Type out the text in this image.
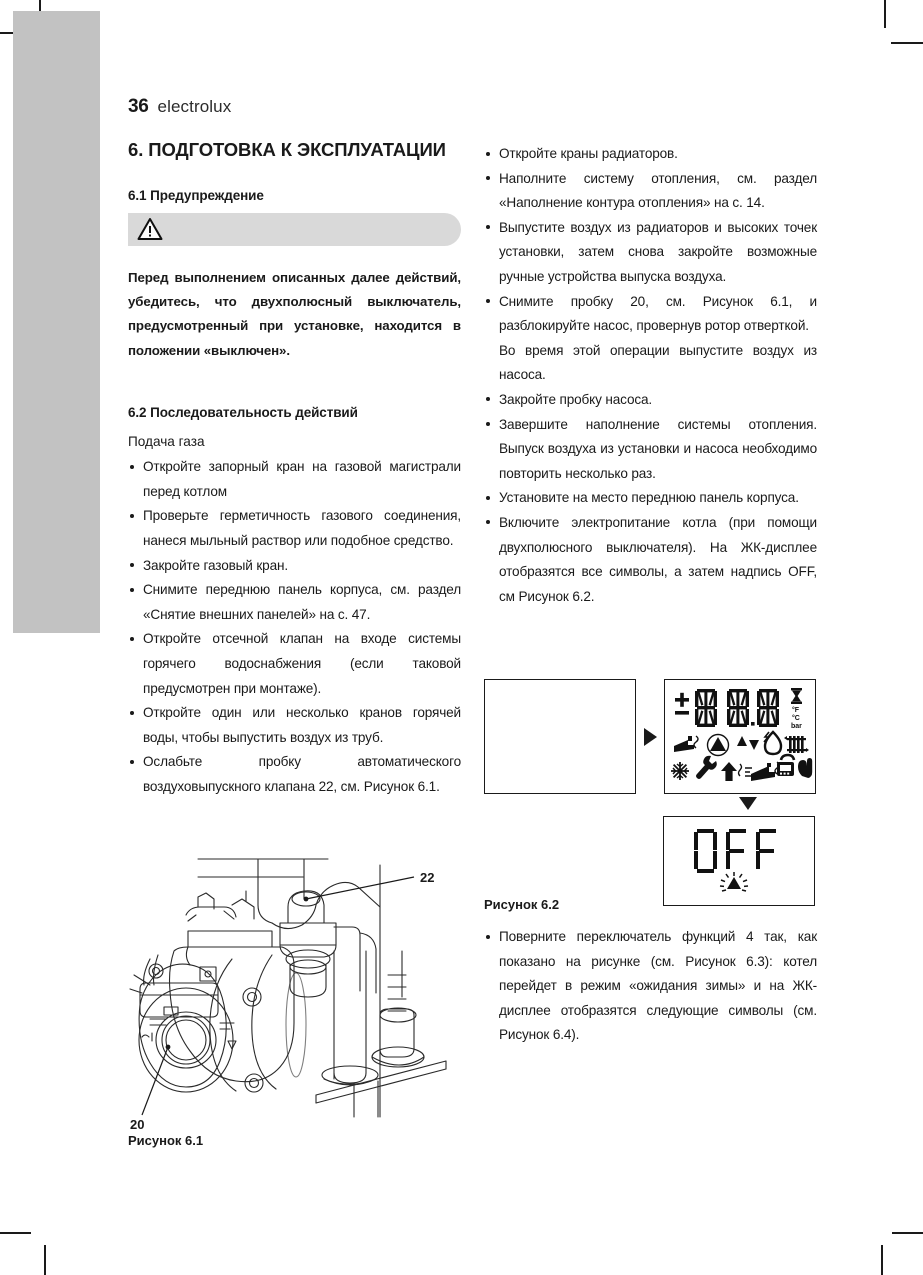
36 electrolux
6. ПОДГОТОВКА К ЭКСПЛУАТАЦИИ
6.1 Предупреждение

Перед выполнением описанных далее действий, убедитесь, что двухполюсный выключатель, предусмотренный при установке, находится в положении «выключен».

6.2 Последовательность действий

Подача газа

Откройте запорный кран на газовой магистрали перед котлом
Проверьте герметичность газового соединения, нанеся мыльный раствор или подобное средство.
Закройте газовый кран.
Снимите переднюю панель корпуса, см. раздел «Снятие внешних панелей» на с. 47.
Откройте отсечной клапан на входе системы горячего водоснабжения (если таковой предусмотрен при монтаже).
Откройте один или несколько кранов горячей воды, чтобы выпустить воздух из труб.
Ослабьте пробку автоматического воздуховыпускного клапана 22, см. Рисунок 6.1.
Откройте краны радиаторов.
Наполните систему отопления, см. раздел «Наполнение контура отопления» на с. 14.
Выпустите воздух из радиаторов и высоких точек установки, затем снова закройте возможные ручные устройства выпуска воздуха.
Снимите пробку 20, см. Рисунок 6.1, и разблокируйте насос, провернув ротор отверткой.
Во время этой операции выпустите воздух из насоса.
Закройте пробку насоса.
Завершите наполнение системы отопления. Выпуск воздуха из установки и насоса необходимо повторить несколько раз.
Установите на место переднюю панель корпуса.
Включите электропитание котла (при помощи двухполюсного выключателя). На ЖК-дисплее отобразятся все символы, а затем надпись OFF, см Рисунок 6.2.
22
20
Рисунок 6.1
°F
°C
bar
Рисунок 6.2
Поверните переключатель функций 4 так, как показано на рисунке (см. Рисунок 6.3): котел перейдет в режим «ожидания зимы» и на ЖК-дисплее отобразятся следующие символы (см. Рисунок 6.4).
